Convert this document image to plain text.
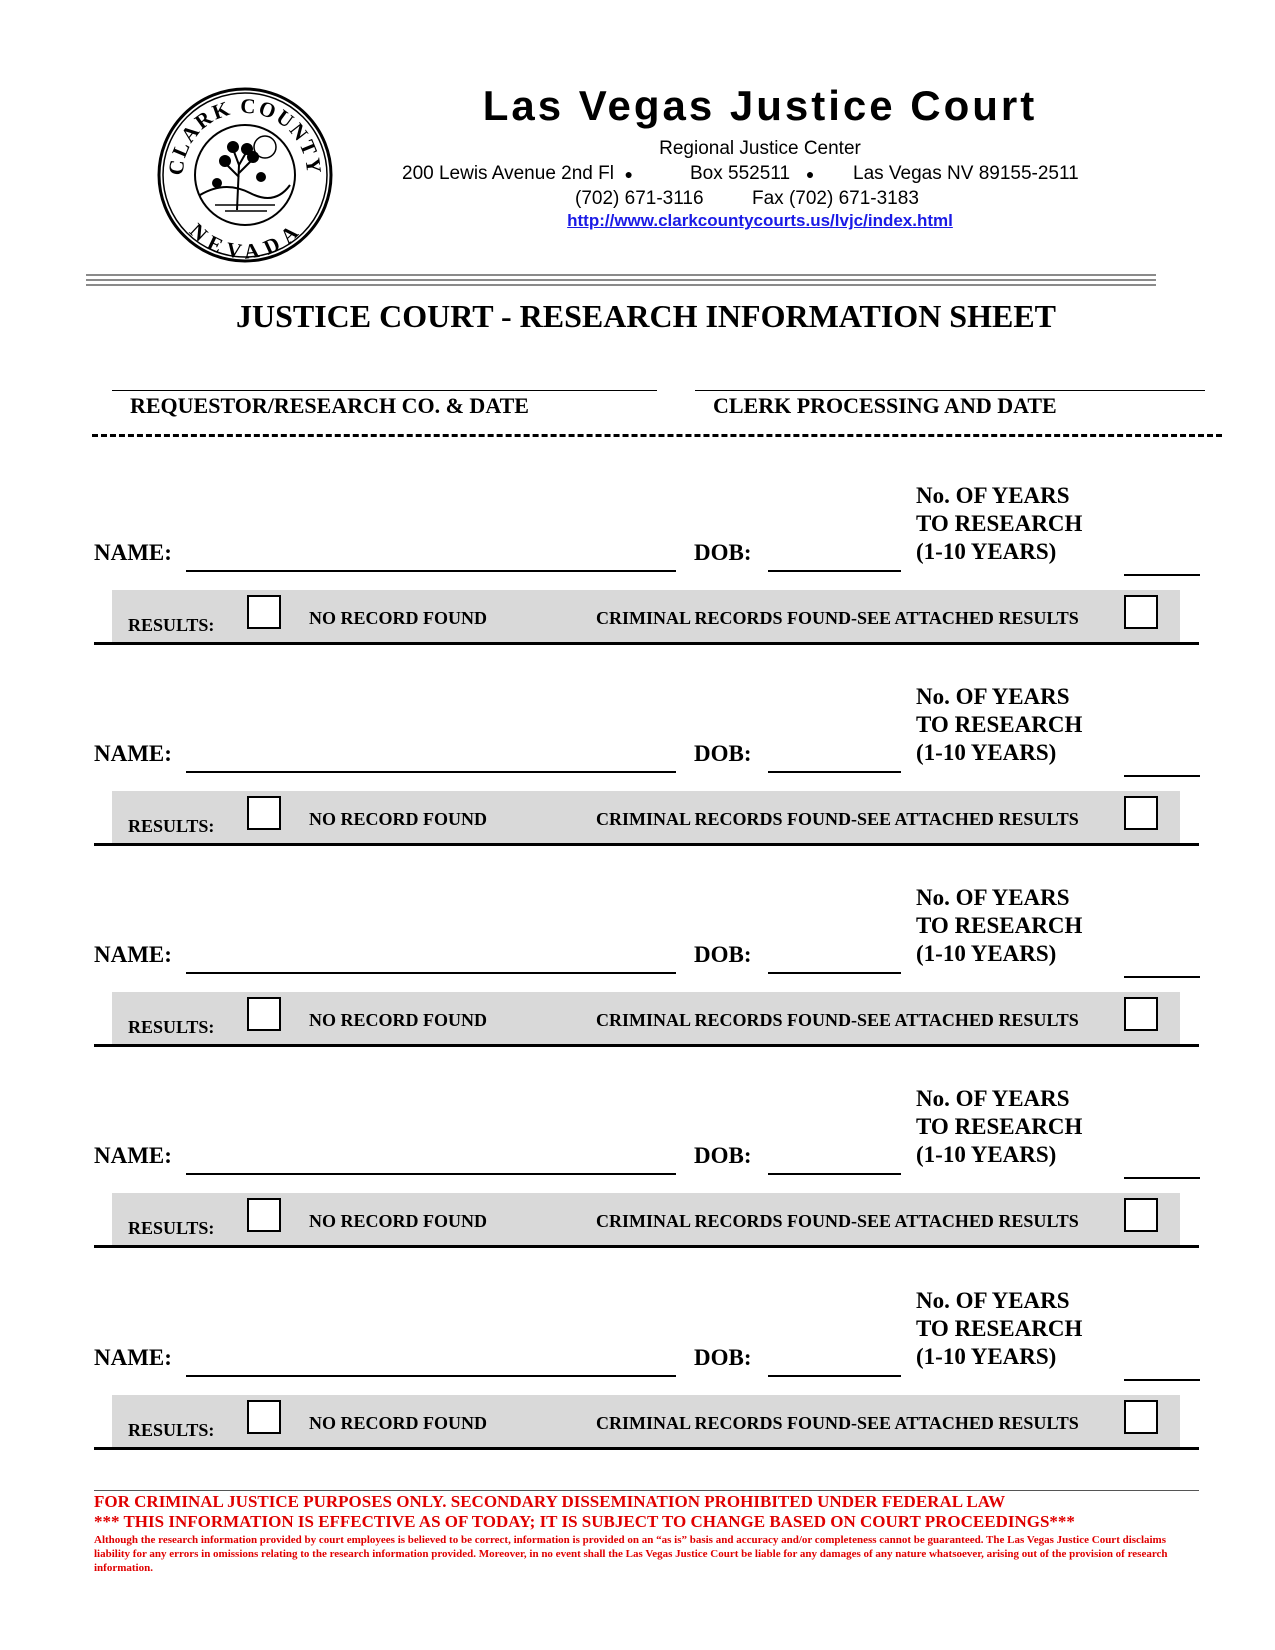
CLARK COUNTY
NEVADA
Las Vegas Justice Court
Regional Justice Center
200 Lewis Avenue 2nd Fl ●	Box 552511 ● Las Vegas NV 89155-2511
(702) 671-3116	Fax (702) 671-3183
http://www.clarkcountycourts.us/lvjc/index.html
JUSTICE COURT - RESEARCH INFORMATION SHEET
REQUESTOR/RESEARCH CO. & DATE	CLERK PROCESSING AND DATE
No. OF YEARS
TO RESEARCH
(1-10 YEARS)
NAME:	DOB:
RESULTS:	NO RECORD FOUND	CRIMINAL RECORDS FOUND-SEE ATTACHED RESULTS
No. OF YEARS
TO RESEARCH
(1-10 YEARS)
NAME:	DOB:
RESULTS:	NO RECORD FOUND	CRIMINAL RECORDS FOUND-SEE ATTACHED RESULTS
No. OF YEARS
TO RESEARCH
(1-10 YEARS)
NAME:	DOB:
RESULTS:	NO RECORD FOUND	CRIMINAL RECORDS FOUND-SEE ATTACHED RESULTS
No. OF YEARS
TO RESEARCH
(1-10 YEARS)
NAME:	DOB:
RESULTS:	NO RECORD FOUND	CRIMINAL RECORDS FOUND-SEE ATTACHED RESULTS
No. OF YEARS
TO RESEARCH
(1-10 YEARS)
NAME:	DOB:
RESULTS:	NO RECORD FOUND	CRIMINAL RECORDS FOUND-SEE ATTACHED RESULTS
FOR CRIMINAL JUSTICE PURPOSES ONLY. SECONDARY DISSEMINATION PROHIBITED UNDER FEDERAL LAW
*** THIS INFORMATION IS EFFECTIVE AS OF TODAY; IT IS SUBJECT TO CHANGE BASED ON COURT PROCEEDINGS***
Although the research information provided by court employees is believed to be correct, information is provided on an “as is” basis and accuracy and/or completeness cannot be guaranteed. The Las Vegas Justice Court disclaims liability for any errors in omissions relating to the research information provided. Moreover, in no event shall the Las Vegas Justice Court be liable for any damages of any nature whatsoever, arising out of the provision of research information.
